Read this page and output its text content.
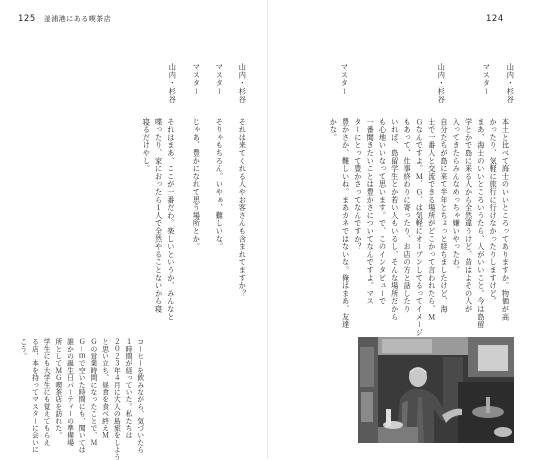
125 釜浦港にある喫茶店
山内・杉谷
マスター
マスター
山内・杉谷
それは来てくれる人やお客さんも含まれてますか？
そりゃもちろん。いやぁ、難しいな。
じゃあ、豊かになれて思う場所とか。
それはまあ、ここが一番だわ。楽しいというか、みんなと
喋ったり、家におったら１人で全然やることないから寝
寝るだけやし。
コーヒーを飲みながら、気づいたら
１時間が経っていた。私たちは
２０２３年４月に大人の島旅をしよう
と思い立ち、昼食を食べ終えＭ
Ｇの営業時間になったことで、Ｍ
Ｇ－ｍで空いた時間にも、聞いては
誰かの誕生日パーティーの準備場
所としてＭＧ喫茶店を訪れた。
学生にも大学生にも覚えてもらえ
る店、本を持ってマスターに会いに
こう。
124
山内・杉谷
マスター
山内・杉谷
マスター
本土と比べて海士のいいところってありますか。物価が高
かったり、気軽に旅行に行けなかったりしますけど。
まあ、海士のいいところいうたら、人がいいこと。今は島留
学とかで島に来る人から全然違うけど、昔はよその人が
入ってきたらみんなめっちゃ嫌いやったわ。
自分たちが島に来て半年とちょっと経ちましたけど、海
士で一番人と交流できる場所がどこかって言われたら、Ｍ
Ｇなんですよ。Ｍ．Ｇ．は気軽にオープンしてるってイメージ
もあって、仕事終わりに寄ったり、お店の方と話したり
いれば、島留学生とか若い人もいるし、そんな場所だから
も心地いいなって思います。で、このインタビューで
一番聞きたいことは豊かさについてなんですよ。マス
ターにとって豊かさってなんですか？
豊かさか、難しいね。まあカネではないな。俺はまあ、友達
かな。
